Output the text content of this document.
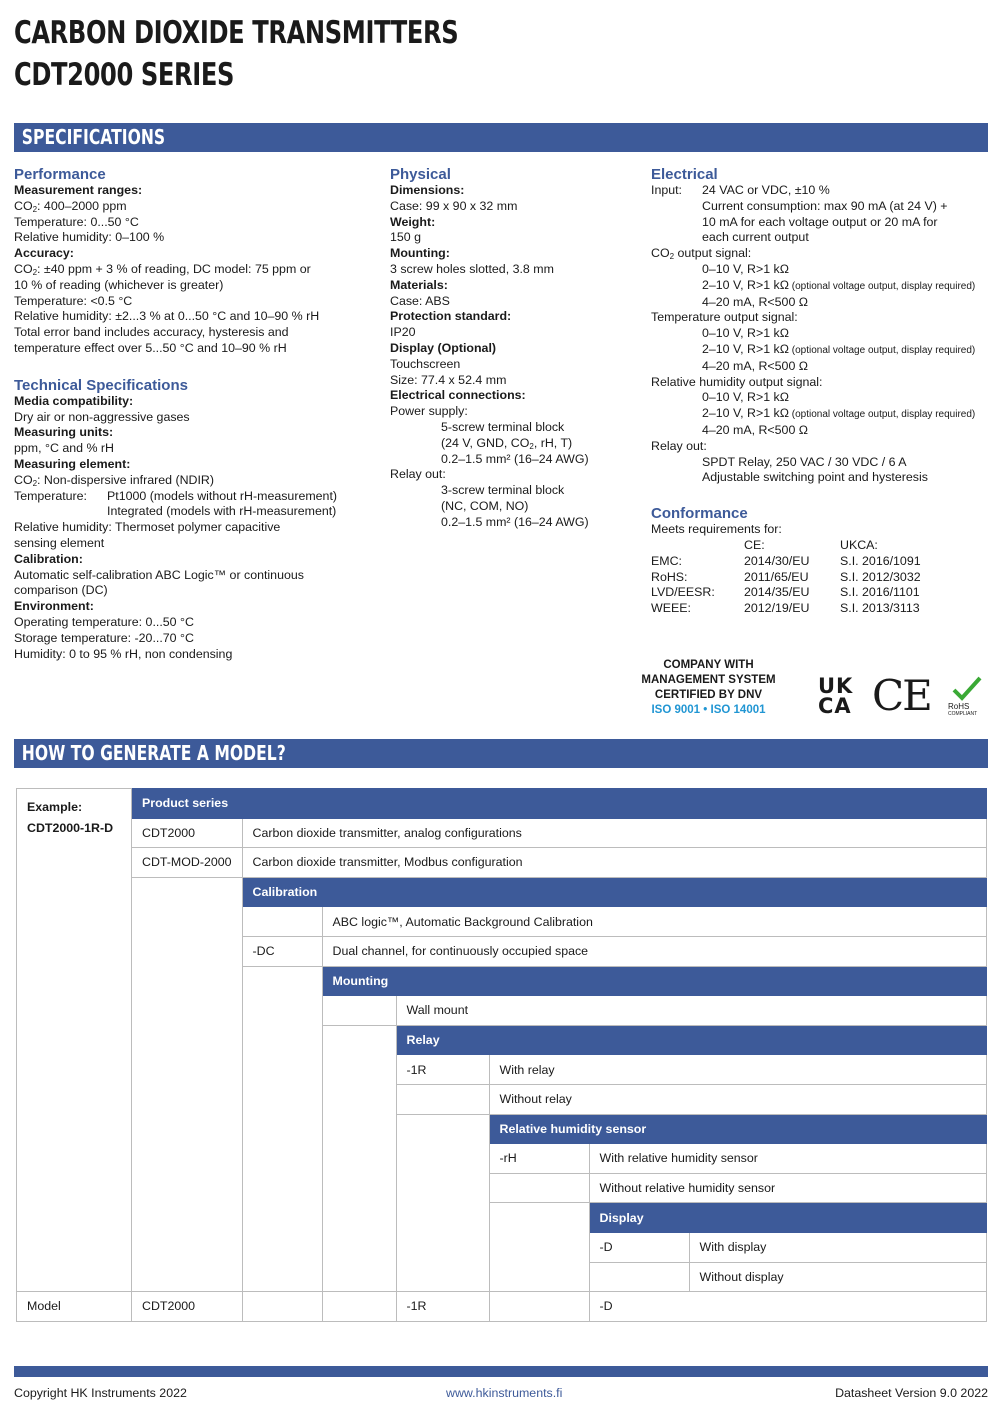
CARBON DIOXIDE TRANSMITTERS
CDT2000 SERIES
SPECIFICATIONS
Performance
Measurement ranges:
$CO_2$: 400–2000 ppm
Temperature: 0...50 °C
Relative humidity: 0–100 %
Accuracy:
$CO_2$: ±40 ppm + 3 % of reading, DC model: 75 ppm or
10 % of reading (whichever is greater)
Temperature: <0.5 °C
Relative humidity: ±2...3 % at 0...50 °C and 10–90 % rH
Total error band includes accuracy, hysteresis and
temperature effect over 5...50 °C and 10–90 % rH
Technical Specifications
Media compatibility:
Dry air or non-aggressive gases
Measuring units:
ppm, °C and % rH
Measuring element:
$CO_2$: Non-dispersive infrared (NDIR)
Temperature:	Pt1000 (models without rH-measurement)
Integrated (models with rH-measurement)
Relative humidity: Thermoset polymer capacitive
sensing element
Calibration:
Automatic self-calibration ABC Logic™ or continuous
comparison (DC)
Environment:
Operating temperature: 0...50 °C
Storage temperature: -20...70 °C
Humidity: 0 to 95 % rH, non condensing
Physical
Dimensions:
Case: 99 x 90 x 32 mm
Weight:
150 g
Mounting:
3 screw holes slotted, 3.8 mm
Materials:
Case: ABS
Protection standard:
IP20
Display (Optional)
Touchscreen
Size: 77.4 x 52.4 mm
Electrical connections:
Power supply:
5-screw terminal block
(24 V, GND, $CO_2$, rH, T)
0.2–1.5 mm² (16–24 AWG)
Relay out:
3-screw terminal block
(NC, COM, NO)
0.2–1.5 mm² (16–24 AWG)
Electrical
Input:	24 VAC or VDC, ±10 %
Current consumption: max 90 mA (at 24 V) +
10 mA for each voltage output or 20 mA for
each current output
$CO_2$ output signal:
0–10 V, R>1 kΩ
2–10 V, R>1 kΩ (optional voltage output, display required)
4–20 mA, R<500 Ω
Temperature output signal:
0–10 V, R>1 kΩ
2–10 V, R>1 kΩ (optional voltage output, display required)
4–20 mA, R<500 Ω
Relative humidity output signal:
0–10 V, R>1 kΩ
2–10 V, R>1 kΩ (optional voltage output, display required)
4–20 mA, R<500 Ω
Relay out:
SPDT Relay, 250 VAC / 30 VDC / 6 A
Adjustable switching point and hysteresis
Conformance
Meets requirements for:
	CE:	UKCA:
EMC:	2014/30/EU	S.I. 2016/1091
RoHS:	2011/65/EU	S.I. 2012/3032
LVD/EESR:	2014/35/EU	S.I. 2016/1101
WEEE:	2012/19/EU	S.I. 2013/3113
COMPANY WITH
MANAGEMENT SYSTEM
CERTIFIED BY DNV
ISO 9001 • ISO 14001
UK
CA CE RoHS
COMPLIANT
HOW TO GENERATE A MODEL?
Example:
CDT2000-1R-D	Product series						
	CDT2000	Carbon dioxide transmitter, analog configurations					
	CDT-MOD-2000	Carbon dioxide transmitter, Modbus configuration					
		Calibration					
			ABC logic™, Automatic Background Calibration				
		-DC	Dual channel, for continuously occupied space				
			Mounting				
				Wall mount			
				Relay			
				-1R	With relay		
					Without relay		
					Relative humidity sensor		
					-rH	With relative humidity sensor	
						Without relative humidity sensor	
						Display	
						-D	With display
							Without display
Model	CDT2000			-1R		-D	
Copyright HK Instruments 2022	www.hkinstruments.fi	Datasheet Version 9.0 2022
